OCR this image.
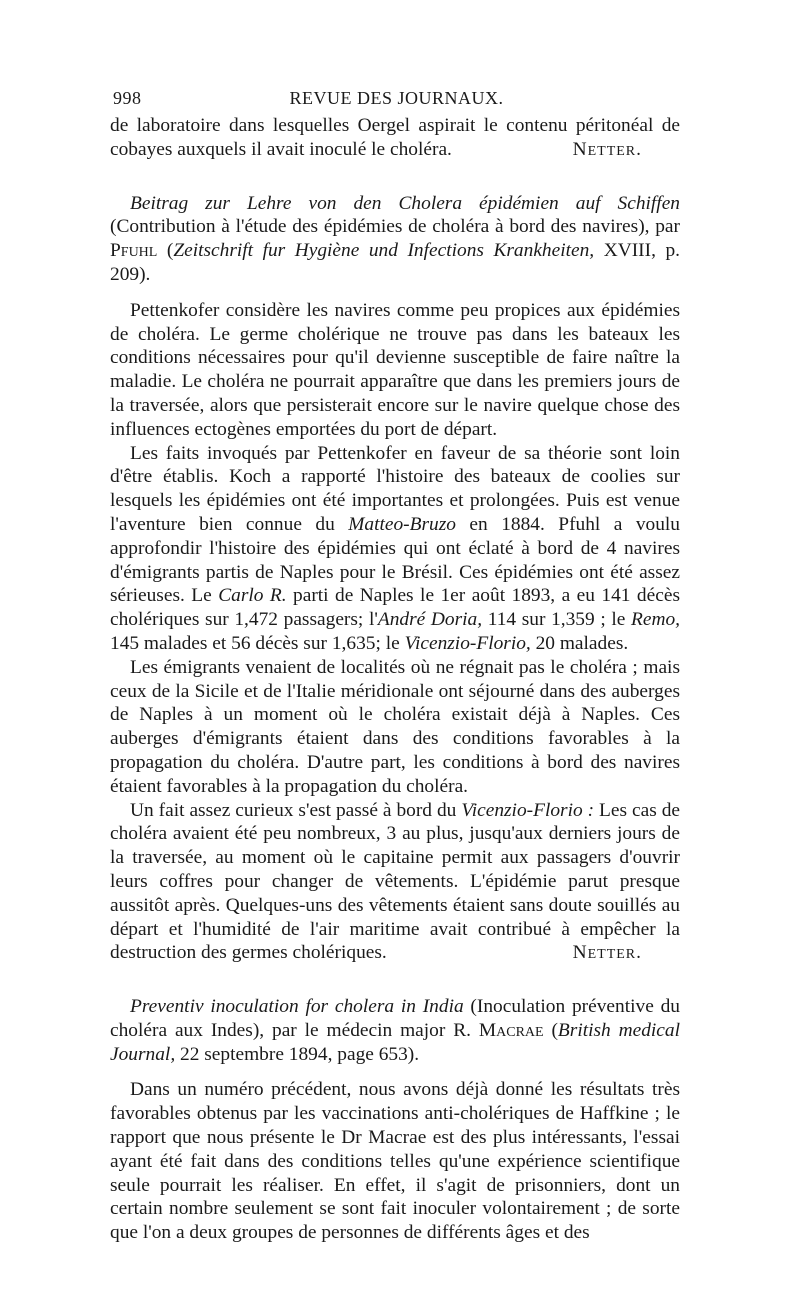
998	REVUE DES JOURNAUX.

de laboratoire dans lesquelles Oergel aspirait le contenu péritonéal de cobayes auxquels il avait inoculé le choléra.	Netter.

Beitrag zur Lehre von den Cholera épidémien auf Schiffen (Contribution à l'étude des épidémies de choléra à bord des navires), par Pfuhl (Zeitschrift fur Hygiène und Infections Krankheiten, XVIII, p. 209).

Pettenkofer considère les navires comme peu propices aux épidémies de choléra. Le germe cholérique ne trouve pas dans les bateaux les conditions nécessaires pour qu'il devienne susceptible de faire naître la maladie. Le choléra ne pourrait apparaître que dans les premiers jours de la traversée, alors que persisterait encore sur le navire quelque chose des influences ectogènes emportées du port de départ.

Les faits invoqués par Pettenkofer en faveur de sa théorie sont loin d'être établis. Koch a rapporté l'histoire des bateaux de coolies sur lesquels les épidémies ont été importantes et prolongées. Puis est venue l'aventure bien connue du Matteo-Bruzo en 1884. Pfuhl a voulu approfondir l'histoire des épidémies qui ont éclaté à bord de 4 navires d'émigrants partis de Naples pour le Brésil. Ces épidémies ont été assez sérieuses. Le Carlo R. parti de Naples le 1er août 1893, a eu 141 décès cholériques sur 1,472 passagers; l'André Doria, 114 sur 1,359 ; le Remo, 145 malades et 56 décès sur 1,635; le Vicenzio-Florio, 20 malades.

Les émigrants venaient de localités où ne régnait pas le choléra ; mais ceux de la Sicile et de l'Italie méridionale ont séjourné dans des auberges de Naples à un moment où le choléra existait déjà à Naples. Ces auberges d'émigrants étaient dans des conditions favorables à la propagation du choléra. D'autre part, les conditions à bord des navires étaient favorables à la propagation du choléra.

Un fait assez curieux s'est passé à bord du Vicenzio-Florio : Les cas de choléra avaient été peu nombreux, 3 au plus, jusqu'aux derniers jours de la traversée, au moment où le capitaine permit aux passagers d'ouvrir leurs coffres pour changer de vêtements. L'épidémie parut presque aussitôt après. Quelques-uns des vêtements étaient sans doute souillés au départ et l'humidité de l'air maritime avait contribué à empêcher la destruction des germes cholériques.	Netter.

Preventiv inoculation for cholera in India (Inoculation préventive du choléra aux Indes), par le médecin major R. Macrae (British medical Journal, 22 septembre 1894, page 653).

Dans un numéro précédent, nous avons déjà donné les résultats très favorables obtenus par les vaccinations anti-cholériques de Haffkine ; le rapport que nous présente le Dr Macrae est des plus intéressants, l'essai ayant été fait dans des conditions telles qu'une expérience scientifique seule pourrait les réaliser. En effet, il s'agit de prisonniers, dont un certain nombre seulement se sont fait inoculer volontairement ; de sorte que l'on a deux groupes de personnes de différents âges et des
